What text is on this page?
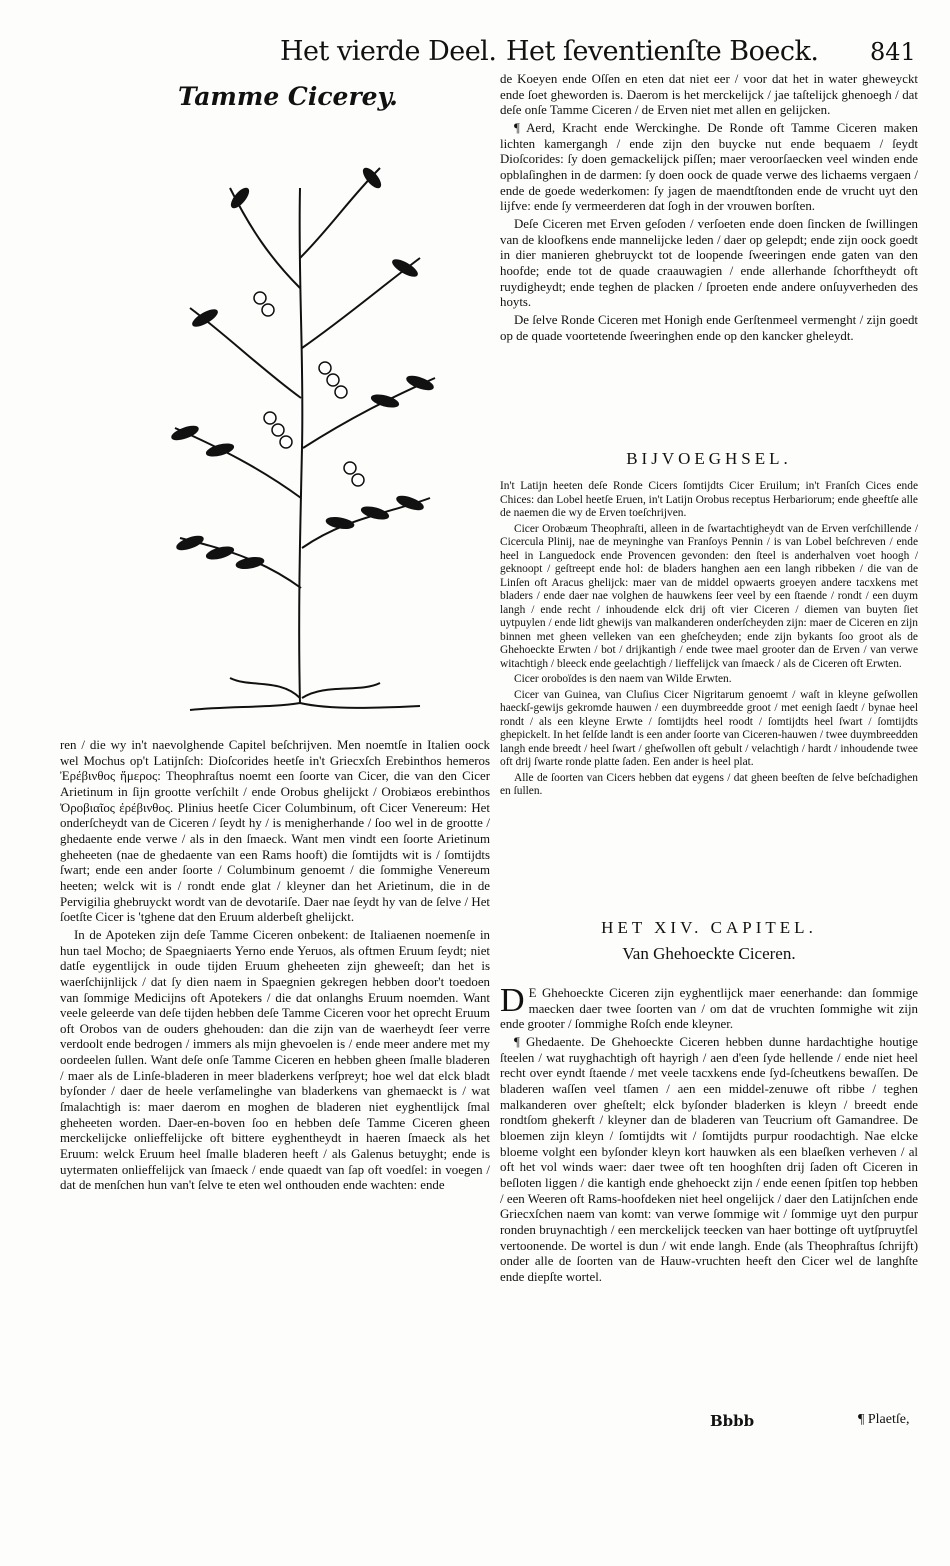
Het vierde Deel. Het ſeventienſte Boeck. 841
Tamme Cicerey.

ren / die wy in't naevolghende Capitel beſchrijven. Men noemtſe in Italien oock wel Mochus op't Latijnſch: Dioſcorides heetſe in't Griecxſch Erebinthos hemeros Ἐρέβινθος ἥμερος: Theophraſtus noemt een ſoorte van Cicer, die van den Cicer Arietinum in ſijn grootte verſchilt / ende Orobus ghelijckt / Orobiæos erebinthos Ὀροβιαῖος ἐρέβινθος. Plinius heetſe Cicer Columbinum, oft Cicer Venereum: Het onderſcheydt van de Ciceren / ſeydt hy / is menigherhande / ſoo wel in de grootte / ghedaente ende verwe / als in den ſmaeck. Want men vindt een ſoorte Arietinum gheheeten (nae de ghedaente van een Rams hooft) die ſomtijdts wit is / ſomtijdts ſwart; ende een ander ſoorte / Columbinum genoemt / die ſommighe Venereum heeten; welck wit is / rondt ende glat / kleyner dan het Arietinum, die in de Pervigilia ghebruyckt wordt van de devotariſe. Daer nae ſeydt hy van de ſelve / Het ſoetſte Cicer is 'tghene dat den Eruum alderbeſt ghelijckt.

In de Apoteken zijn deſe Tamme Ciceren onbekent: de Italiaenen noemenſe in hun tael Mocho; de Spaegniaerts Yerno ende Yeruos, als oftmen Eruum ſeydt; niet datſe eygentlijck in oude tijden Eruum gheheeten zijn gheweeſt; dan het is waerſchijnlijck / dat ſy dien naem in Spaegnien gekregen hebben door't toedoen van ſommige Medicijns oft Apotekers / die dat onlanghs Eruum noemden. Want veele geleerde van deſe tijden hebben deſe Tamme Ciceren voor het oprecht Eruum oft Orobos van de ouders ghehouden: dan die zijn van de waerheydt ſeer verre verdoolt ende bedrogen / immers als mijn ghevoelen is / ende meer andere met my oordeelen ſullen. Want deſe onſe Tamme Ciceren en hebben gheen ſmalle bladeren / maer als de Linſe-bladeren in meer bladerkens verſpreyt; hoe wel dat elck bladt byſonder / daer de heele verſamelinghe van bladerkens van ghemaeckt is / wat ſmalachtigh is: maer daerom en moghen de bladeren niet eyghentlijck ſmal gheheeten worden. Daer-en-boven ſoo en hebben deſe Tamme Ciceren gheen merckelijcke onlieffelijcke oft bittere eyghentheydt in haeren ſmaeck als het Eruum: welck Eruum heel ſmalle bladeren heeft / als Galenus betuyght; ende is uytermaten onlieffelijck van ſmaeck / ende quaedt van ſap oft voedſel: in voegen / dat de menſchen hun van't ſelve te eten wel onthouden ende wachten: ende

de Koeyen ende Oſſen en eten dat niet eer / voor dat het in water gheweyckt ende ſoet gheworden is. Daerom is het merckelijck / jae taſtelijck ghenoegh / dat deſe onſe Tamme Ciceren / de Erven niet met allen en gelijcken.

¶ Aerd, Kracht ende Werckinghe. De Ronde oft Tamme Ciceren maken lichten kamergangh / ende zijn den buycke nut ende bequaem / ſeydt Dioſcorides: ſy doen gemackelijck piſſen; maer veroorſaecken veel winden ende opblaſinghen in de darmen: ſy doen oock de quade verwe des lichaems vergaen / ende de goede wederkomen: ſy jagen de maendtſtonden ende de vrucht uyt den lijfve: ende ſy vermeerderen dat ſogh in der vrouwen borſten.

Deſe Ciceren met Erven geſoden / verſoeten ende doen ſincken de ſwillingen van de kloofkens ende mannelijcke leden / daer op gelepdt; ende zijn oock goedt in dier manieren ghebruyckt tot de loopende ſweeringen ende gaten van den hoofde; ende tot de quade craauwagien / ende allerhande ſchorftheydt oft ruydigheydt; ende teghen de placken / ſproeten ende andere onſuyverheden des hoyts.

De ſelve Ronde Ciceren met Honigh ende Gerſtenmeel vermenght / zijn goedt op de quade voortetende ſweeringhen ende op den kancker gheleydt.

BIJVOEGHSEL.

In't Latijn heeten deſe Ronde Cicers ſomtijdts Cicer Eruilum; in't Franſch Cices ende Chices: dan Lobel heetſe Eruen, in't Latijn Orobus receptus Herbariorum; ende gheeftſe alle de naemen die wy de Erven toeſchrijven.

Cicer Orobæum Theophraſti, alleen in de ſwartachtigheydt van de Erven verſchillende / Cicercula Plinij, nae de meyninghe van Franſoys Pennin / is van Lobel beſchreven / ende heel in Languedock ende Provencen gevonden: den ſteel is anderhalven voet hoogh / geknoopt / geſtreept ende hol: de bladers hanghen aen een langh ribbeken / die van de Linſen oft Aracus ghelijck: maer van de middel opwaerts groeyen andere tacxkens met bladers / ende daer nae volghen de hauwkens ſeer veel by een ſtaende / rondt / een duym langh / ende recht / inhoudende elck drij oft vier Ciceren / diemen van buyten ſiet uytpuylen / ende lidt ghewijs van malkanderen onderſcheyden zijn: maer de Ciceren en zijn binnen met gheen velleken van een gheſcheyden; ende zijn bykants ſoo groot als de Ghehoeckte Erwten / bot / drijkantigh / ende twee mael grooter dan de Erven / van verwe witachtigh / bleeck ende geelachtigh / lieffelijck van ſmaeck / als de Ciceren oft Erwten.

Cicer oroboïdes is den naem van Wilde Erwten.

Cicer van Guinea, van Cluſius Cicer Nigritarum genoemt / waſt in kleyne geſwollen haeckſ-gewijs gekromde hauwen / een duymbreedde groot / met eenigh ſaedt / bynae heel rondt / als een kleyne Erwte / ſomtijdts heel roodt / ſomtijdts heel ſwart / ſomtijdts ghepickelt. In het ſelſde landt is een ander ſoorte van Ciceren-hauwen / twee duymbreedden langh ende breedt / heel ſwart / gheſwollen oft gebult / velachtigh / hardt / inhoudende twee oft drij ſwarte ronde platte ſaden. Een ander is heel plat.

Alle de ſoorten van Cicers hebben dat eygens / dat gheen beeſten de ſelve beſchadighen en ſullen.

HET XIV. CAPITEL.
Van Ghehoeckte Ciceren.

D E Ghehoeckte Ciceren zijn eyghentlijck maer eenerhande: dan ſommige maecken daer twee ſoorten van / om dat de vruchten ſommighe wit zijn ende grooter / ſommighe Roſch ende kleyner.

¶ Ghedaente. De Ghehoeckte Ciceren hebben dunne hardachtighe houtige ſteelen / wat ruyghachtigh oft hayrigh / aen d'een ſyde hellende / ende niet heel recht over eyndt ſtaende / met veele tacxkens ende ſyd-ſcheutkens bewaſſen. De bladeren waſſen veel tſamen / aen een middel-zenuwe oft ribbe / teghen malkanderen over gheſtelt; elck byſonder bladerken is kleyn / breedt ende rondtſom ghekerft / kleyner dan de bladeren van Teucrium oft Gamandree. De bloemen zijn kleyn / ſomtijdts wit / ſomtijdts purpur roodachtigh. Nae elcke bloeme volght een byſonder kleyn kort hauwken als een blaeſken verheven / al oft het vol winds waer: daer twee oft ten hooghſten drij ſaden oft Ciceren in beſloten liggen / die kantigh ende ghehoeckt zijn / ende eenen ſpitſen top hebben / een Weeren oft Rams-hoofdeken niet heel ongelijck / daer den Latijnſchen ende Griecxſchen naem van komt: van verwe ſommige wit / ſommige uyt den purpur ronden bruynachtigh / een merckelijck teecken van haer bottinge oft uytſpruytſel vertoonende. De wortel is dun / wit ende langh. Ende (als Theophraſtus ſchrijft) onder alle de ſoorten van de Hauw-vruchten heeft den Cicer wel de langhſte ende diepſte wortel.

Bbbb	¶ Plaetſe,
